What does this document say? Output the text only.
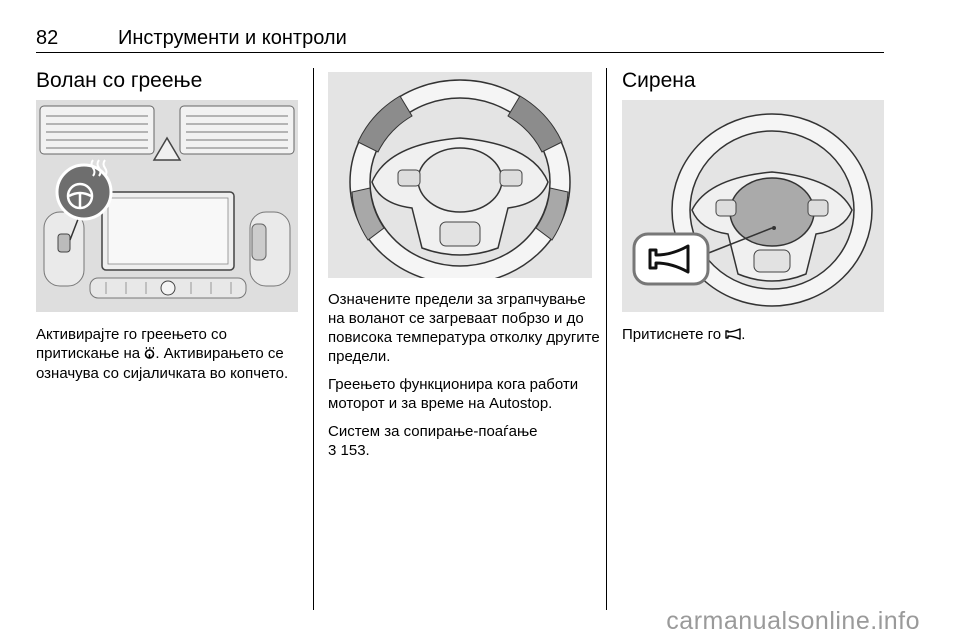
82	Инструменти и контроли
Волан со греење

Активирајте го греењето со притискање на . Активирањето се означува со сијаличката во копчето.

Означените предели за зграпчување на воланот се загреваат побрзо и до повисока температура отколку другите предели.

Греењето функционира кога работи моторот и за време на Autostop.

Систем за сопирање-поаѓање
3 153.

Сирена

Притиснете го .

carmanualsonline.info
